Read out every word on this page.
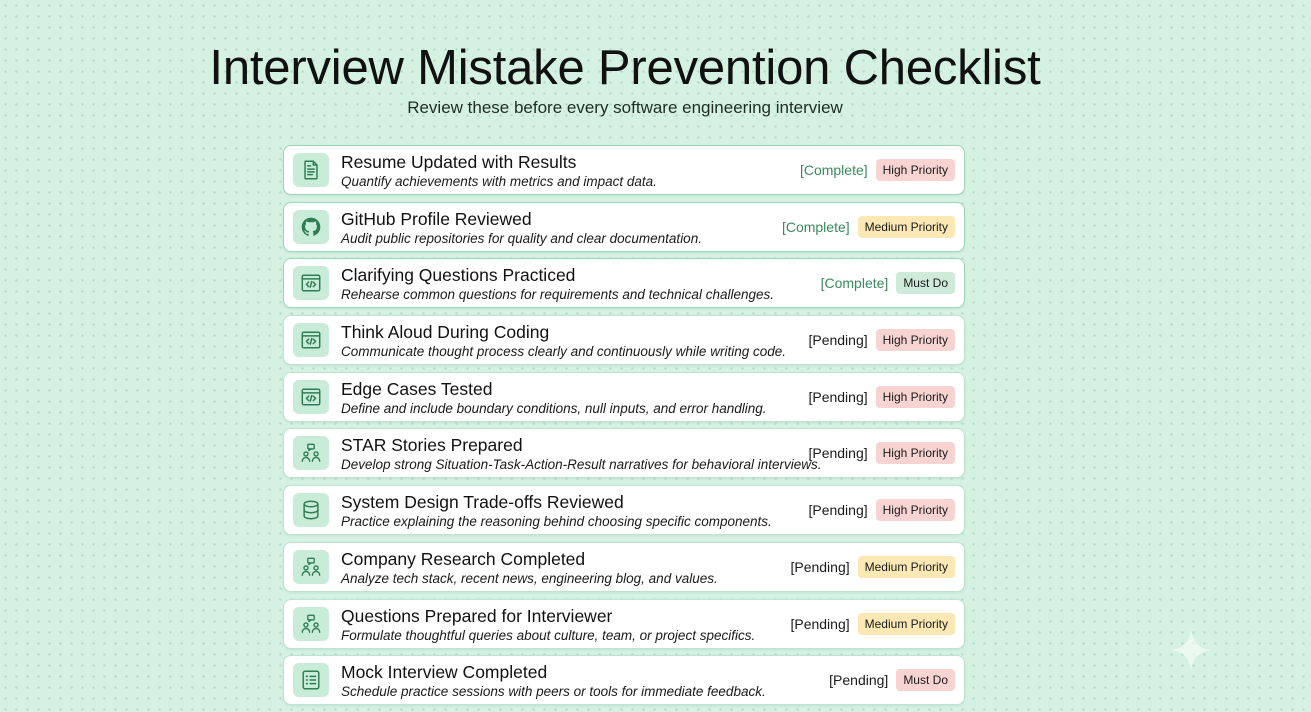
Interview Mistake Prevention Checklist

Review these before every software engineering interview

Resume Updated with Results
Quantify achievements with metrics and impact data.
[Complete]	High Priority
GitHub Profile Reviewed
Audit public repositories for quality and clear documentation.
[Complete]	Medium Priority
Clarifying Questions Practiced
Rehearse common questions for requirements and technical challenges.
[Complete]	Must Do
Think Aloud During Coding
Communicate thought process clearly and continuously while writing code.
[Pending]	High Priority
Edge Cases Tested
Define and include boundary conditions, null inputs, and error handling.
[Pending]	High Priority
STAR Stories Prepared
Develop strong Situation-Task-Action-Result narratives for behavioral interviews.
[Pending]	High Priority
System Design Trade-offs Reviewed
Practice explaining the reasoning behind choosing specific components.
[Pending]	High Priority
Company Research Completed
Analyze tech stack, recent news, engineering blog, and values.
[Pending]	Medium Priority
Questions Prepared for Interviewer
Formulate thoughtful queries about culture, team, or project specifics.
[Pending]	Medium Priority
Mock Interview Completed
Schedule practice sessions with peers or tools for immediate feedback.
[Pending]	Must Do
